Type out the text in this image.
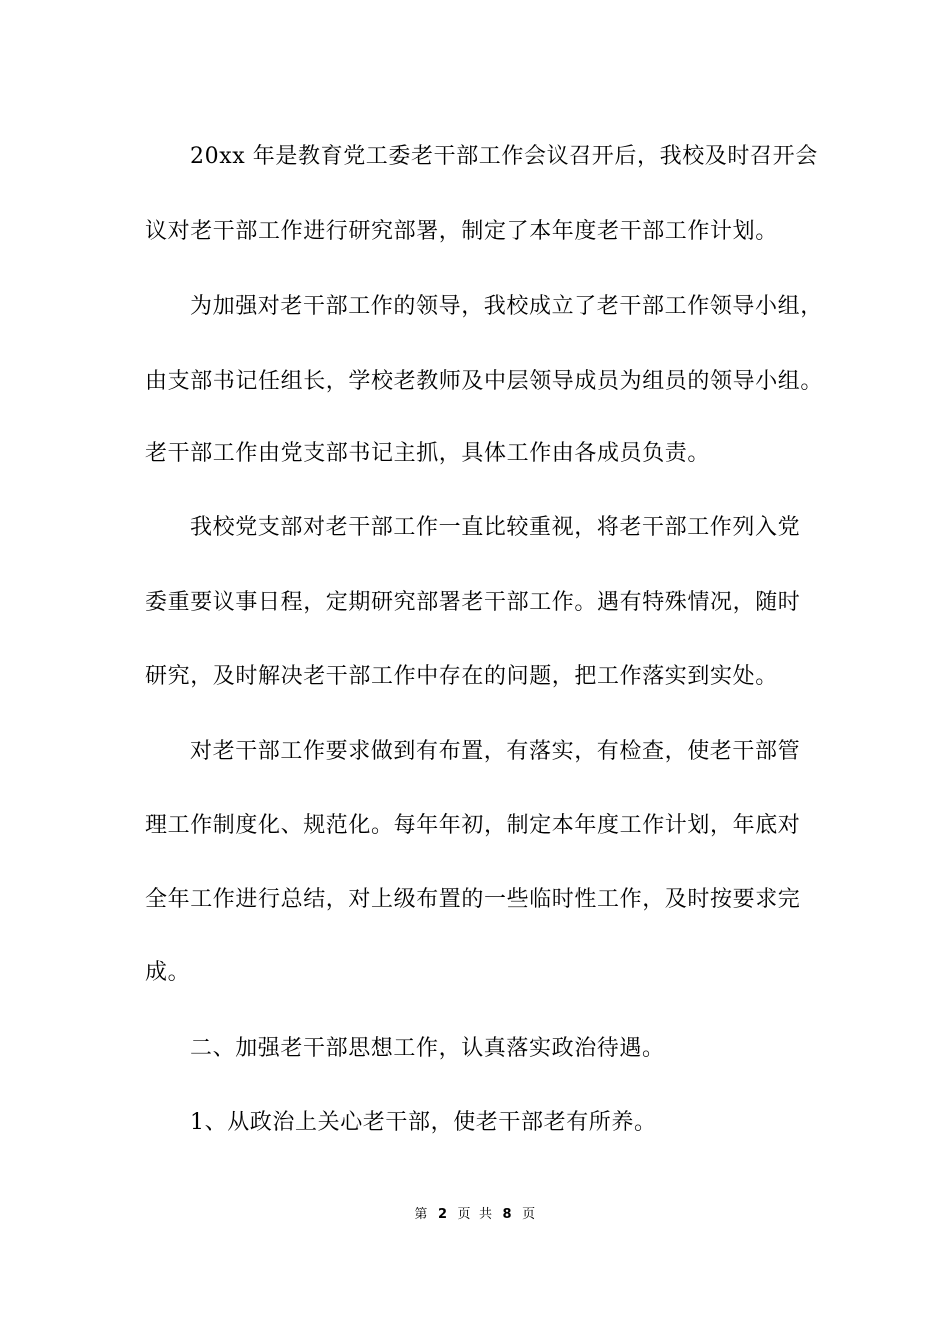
20xx 年是教育党工委老干部工作会议召开后，我校及时召开会
议对老干部工作进行研究部署，制定了本年度老干部工作计划。
为加强对老干部工作的领导，我校成立了老干部工作领导小组，
由支部书记任组长，学校老教师及中层领导成员为组员的领导小组。
老干部工作由党支部书记主抓，具体工作由各成员负责。
我校党支部对老干部工作一直比较重视，将老干部工作列入党
委重要议事日程，定期研究部署老干部工作。遇有特殊情况，随时
研究，及时解决老干部工作中存在的问题，把工作落实到实处。
对老干部工作要求做到有布置，有落实，有检查，使老干部管
理工作制度化、规范化。每年年初，制定本年度工作计划，年底对
全年工作进行总结，对上级布置的一些临时性工作，及时按要求完
成。
二、加强老干部思想工作，认真落实政治待遇。
1、从政治上关心老干部，使老干部老有所养。
第 2 页 共 8 页
